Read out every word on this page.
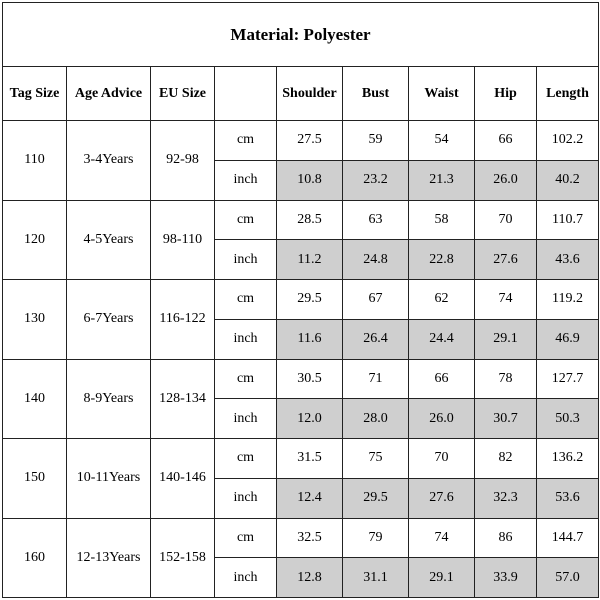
Material: Polyester								
Tag Size	Age Advice	EU Size		Shoulder	Bust	Waist	Hip	Length
110	3-4Years	92-98	cm	27.5	59	54	66	102.2
			inch	10.8	23.2	21.3	26.0	40.2
120	4-5Years	98-110	cm	28.5	63	58	70	110.7
			inch	11.2	24.8	22.8	27.6	43.6
130	6-7Years	116-122	cm	29.5	67	62	74	119.2
			inch	11.6	26.4	24.4	29.1	46.9
140	8-9Years	128-134	cm	30.5	71	66	78	127.7
			inch	12.0	28.0	26.0	30.7	50.3
150	10-11Years	140-146	cm	31.5	75	70	82	136.2
			inch	12.4	29.5	27.6	32.3	53.6
160	12-13Years	152-158	cm	32.5	79	74	86	144.7
			inch	12.8	31.1	29.1	33.9	57.0
